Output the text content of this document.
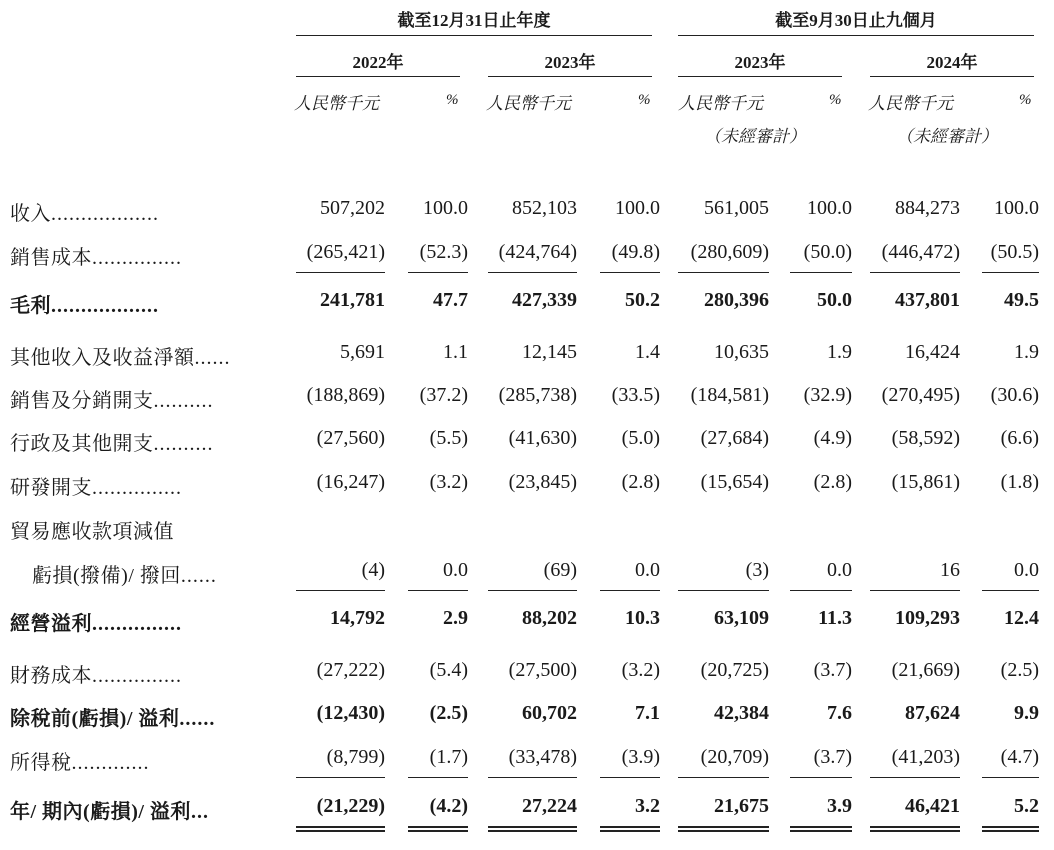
截至12月31日止年度	截至9月30日止九個月
2022年	2023年	2023年	2024年
人民幣千元	% 人民幣千元	% 人民幣千元	% 人民幣千元	%
（未經審計）	（未經審計）
收入..................	507,202	100.0	852,103	100.0	561,005	100.0	884,273	100.0
銷售成本...............	(265,421)	(52.3)	(424,764)	(49.8)	(280,609)	(50.0)	(446,472)	(50.5)
毛利..................	241,781	47.7	427,339	50.2	280,396	50.0	437,801	49.5
其他收入及收益淨額......	5,691	1.1	12,145	1.4	10,635	1.9	16,424	1.9
銷售及分銷開支..........	(188,869)	(37.2)	(285,738)	(33.5)	(184,581)	(32.9)	(270,495)	(30.6)
行政及其他開支..........	(27,560)	(5.5)	(41,630)	(5.0)	(27,684)	(4.9)	(58,592)	(6.6)
研發開支...............	(16,247)	(3.2)	(23,845)	(2.8)	(15,654)	(2.8)	(15,861)	(1.8)
貿易應收款項減值
虧損(撥備)/ 撥回......	(4)	0.0	(69)	0.0	(3)	0.0	16	0.0
經營溢利...............	14,792	2.9	88,202	10.3	63,109	11.3	109,293	12.4
財務成本...............	(27,222)	(5.4)	(27,500)	(3.2)	(20,725)	(3.7)	(21,669)	(2.5)
除稅前(虧損)/ 溢利......	(12,430)	(2.5)	60,702	7.1	42,384	7.6	87,624	9.9
所得稅.............	(8,799)	(1.7)	(33,478)	(3.9)	(20,709)	(3.7)	(41,203)	(4.7)
年/ 期內(虧損)/ 溢利...	(21,229)	(4.2)	27,224	3.2	21,675	3.9	46,421	5.2
